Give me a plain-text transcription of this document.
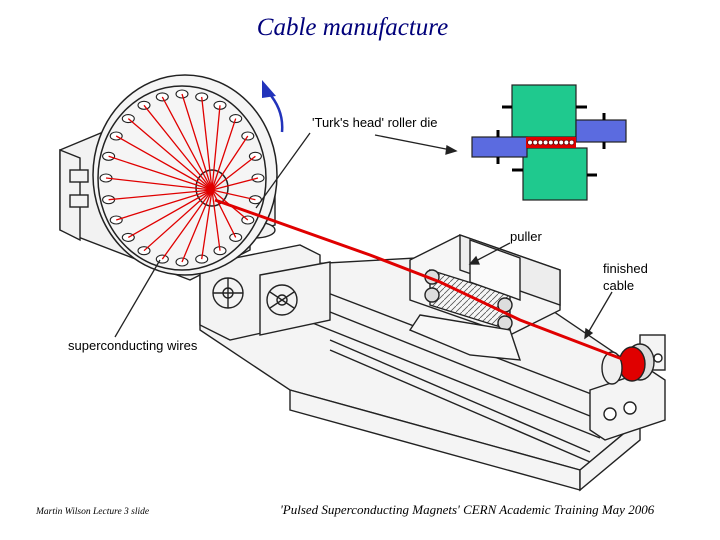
Cable manufacture
'Turk's head' roller die
puller
finished cable
superconducting wires
Martin Wilson Lecture 3 slide	'Pulsed Superconducting Magnets' CERN Academic Training May 2006
